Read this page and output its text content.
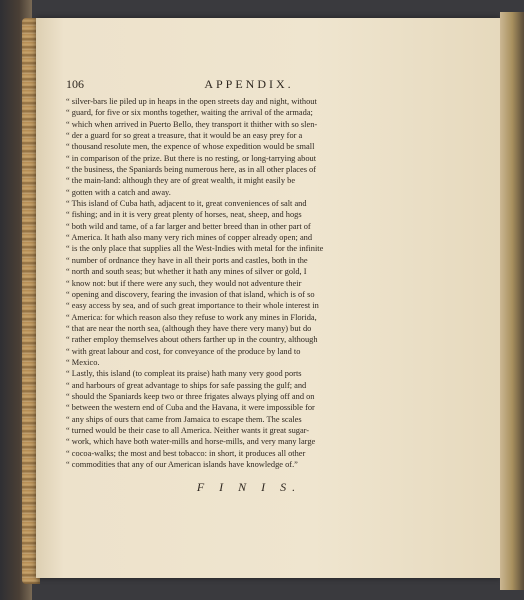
106	APPENDIX.
“ silver-bars lie piled up in heaps in the open streets day and night, without
“ guard, for five or six months together, waiting the arrival of the armada;
“ which when arrived in Puerto Bello, they transport it thither with so slen-
“ der a guard for so great a treasure, that it would be an easy prey for a
“ thousand resolute men, the expence of whose expedition would be small
“ in comparison of the prize. But there is no resting, or long-tarrying about
“ the business, the Spaniards being numerous here, as in all other places of
“ the main-land: although they are of great wealth, it might easily be
“ gotten with a catch and away.
“ This island of Cuba hath, adjacent to it, great conveniences of salt and
“ fishing; and in it is very great plenty of horses, neat, sheep, and hogs
“ both wild and tame, of a far larger and better breed than in other part of
“ America. It hath also many very rich mines of copper already open; and
“ is the only place that supplies all the West-Indies with metal for the infinite
“ number of ordnance they have in all their ports and castles, both in the
“ north and south seas; but whether it hath any mines of silver or gold, I
“ know not: but if there were any such, they would not adventure their
“ opening and discovery, fearing the invasion of that island, which is of so
“ easy access by sea, and of such great importance to their whole interest in
“ America: for which reason also they refuse to work any mines in Florida,
“ that are near the north sea, (although they have there very many) but do
“ rather employ themselves about others farther up in the country, although
“ with great labour and cost, for conveyance of the produce by land to
“ Mexico.
“ Lastly, this island (to compleat its praise) hath many very good ports
“ and harbours of great advantage to ships for safe passing the gulf; and
“ should the Spaniards keep two or three frigates always plying off and on
“ between the western end of Cuba and the Havana, it were impossible for
“ any ships of ours that came from Jamaica to escape them. The scales
“ turned would be their case to all America. Neither wants it great sugar-
“ work, which have both water-mills and horse-mills, and very many large
“ cocoa-walks; the most and best tobacco: in short, it produces all other
“ commodities that any of our American islands have knowledge of.”
F I N I S.
